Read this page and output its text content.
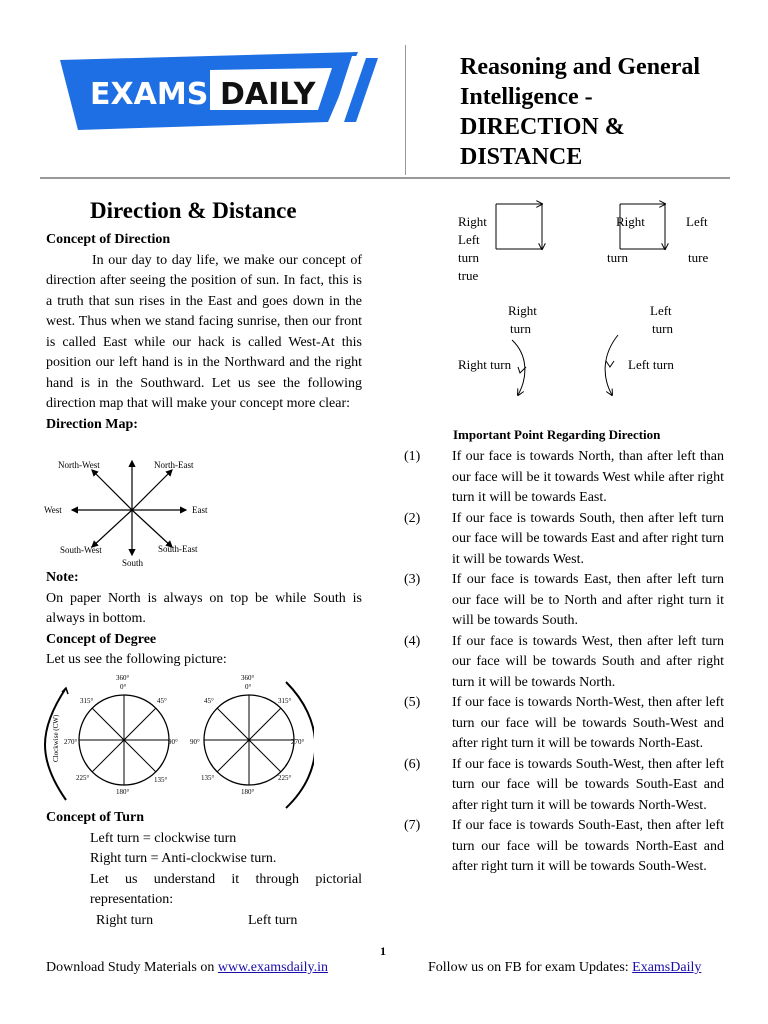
EXAMS DAILY
Reasoning and General
Intelligence -
DIRECTION &
DISTANCE
Direction & Distance
Concept of Direction
In our day to day life, we make our concept of direction after seeing the position of sun. In fact, this is a truth that sun rises in the East and goes down in the west. Thus when we stand facing sunrise, then our front is called East while our hack is called West-At this position our left hand is in the Northward and the right hand is in the Southward. Let us see the following direction map that will make your concept more clear:
Direction Map:
North-West	North-East
West	East
South-West
South
South-East
Note:
On paper North is always on top be while South is always in bottom.
Concept of Degree
Let us see the following picture:
Clockwise (CW)
360°
0°
45°
90°
135°
180°
225°
270°
315°
360°
0°
45°
90°
135°
180°
225°
270°
315°
Concept of Turn
Left turn = clockwise turn
Right turn = Anti-clockwise turn.
Let us understand it through pictorial representation:
Right turn	Left turn
Right
Left
turn
true
Right
turn
Left
ture
Right
turn
Right turn
Left
turn
Left turn
Important Point Regarding Direction
(1)	If our face is towards North, than after left than our face will be it towards West while after right turn it will be towards East.
(2)	If our face is towards South, then after left turn our face will be towards East and after right turn it will be towards West.
(3)	If our face is towards East, then after left turn our face will be to North and after right turn it will be towards South.
(4)	If our face is towards West, then after left turn our face will be towards South and after right turn it will be towards North.
(5)	If our face is towards North-West, then after left turn our face will be towards South-West and after right turn it will be towards North-East.
(6)	If our face is towards South-West, then after left turn our face will be towards South-East and after right turn it will be towards North-West.
(7)	If our face is towards South-East, then after left turn our face will be towards North-East and after right turn it will be towards South-West.
1
Download Study Materials on www.examsdaily.in	Follow us on FB for exam Updates: ExamsDaily
